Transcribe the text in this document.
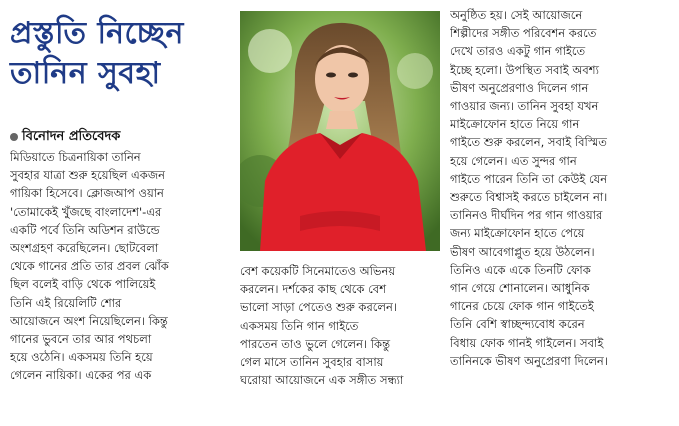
প্রস্তুতি নিচ্ছেন
তানিন সুবহা
বিনোদন প্রতিবেদক
মিডিয়াতে চিত্রনায়িকা তানিন
সুবহার যাত্রা শুরু হয়েছিল একজন
গায়িকা হিসেবে। ক্লোজআপ ওয়ান
'তোমাকেই খুঁজছে বাংলাদেশ'-এর
একটি পর্বে তিনি অডিশন রাউন্ডে
অংশগ্রহণ করেছিলেন। ছোটবেলা
থেকে গানের প্রতি তার প্রবল ঝোঁক
ছিল বলেই বাড়ি থেকে পালিয়েই
তিনি এই রিয়েলিটি শোর
আয়োজনে অংশ নিয়েছিলেন। কিন্তু
গানের ভুবনে তার আর পথচলা
হয়ে ওঠেনি। একসময় তিনি হয়ে
গেলেন নায়িকা। একের পর এক
বেশ কয়েকটি সিনেমাতেও অভিনয়
করলেন। দর্শকের কাছ থেকে বেশ
ভালো সাড়া পেতেও শুরু করলেন।
একসময় তিনি গান গাইতে
পারতেন তাও ভুলে গেলেন। কিন্তু
গেল মাসে তানিন সুবহার বাসায়
ঘরোয়া আয়োজনে এক সঙ্গীত সন্ধ্যা
অনুষ্ঠিত হয়। সেই আয়োজনে
শিল্পীদের সঙ্গীত পরিবেশন করতে
দেখে তারও একটু গান গাইতে
ইচ্ছে হলো। উপস্থিত সবাই অবশ্য
ভীষণ অনুপ্রেরণাও দিলেন গান
গাওয়ার জন্য। তানিন সুবহা যখন
মাইক্রোফোন হাতে নিয়ে গান
গাইতে শুরু করলেন, সবাই বিস্মিত
হয়ে গেলেন। এত সুন্দর গান
গাইতে পারেন তিনি তা কেউই যেন
শুরুতে বিশ্বাসই করতে চাইলেন না।
তানিনও দীর্ঘদিন পর গান গাওয়ার
জন্য মাইক্রোফোন হাতে পেয়ে
ভীষণ আবেগাপ্লুত হয়ে উঠলেন।
তিনিও একে একে তিনটি ফোক
গান গেয়ে শোনালেন। আধুনিক
গানের চেয়ে ফোক গান গাইতেই
তিনি বেশি স্বাচ্ছন্দ্যবোধ করেন
বিধায় ফোক গানই গাইলেন। সবাই
তানিনকে ভীষণ অনুপ্রেরণা দিলেন।
